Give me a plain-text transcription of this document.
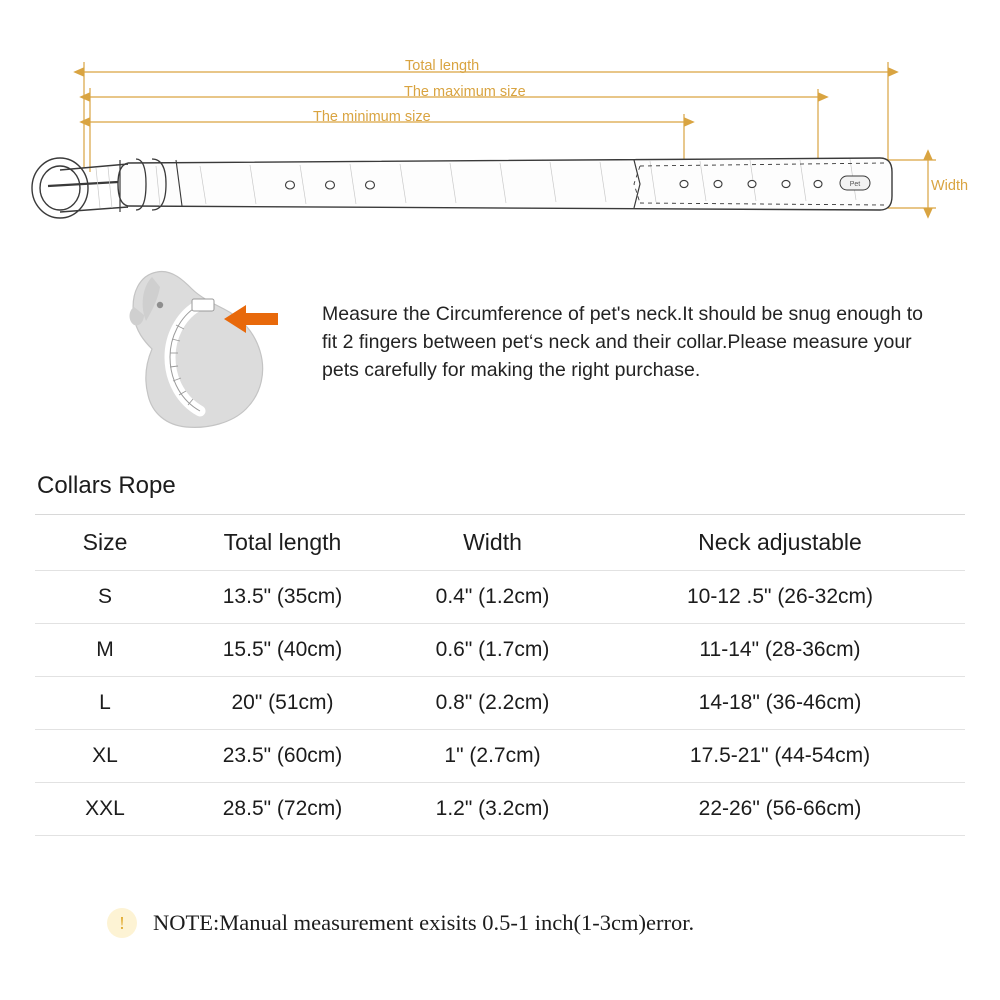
Pet
Total length
The maximum size
The minimum size
Width
Measure the Circumference of pet's neck.It should be snug enough to fit 2 fingers between pet‘s neck and their collar.Please measure your pets carefully for making the right purchase.
Collars Rope
Size	Total length	Width	Neck adjustable
S	13.5" (35cm)	0.4" (1.2cm)	10-12 .5" (26-32cm)
M	15.5" (40cm)	0.6" (1.7cm)	11-14" (28-36cm)
L	20" (51cm)	0.8" (2.2cm)	14-18" (36-46cm)
XL	23.5" (60cm)	1" (2.7cm)	17.5-21" (44-54cm)
XXL	28.5" (72cm)	1.2" (3.2cm)	22-26" (56-66cm)
!	NOTE:Manual measurement exisits 0.5-1 inch(1-3cm)error.
